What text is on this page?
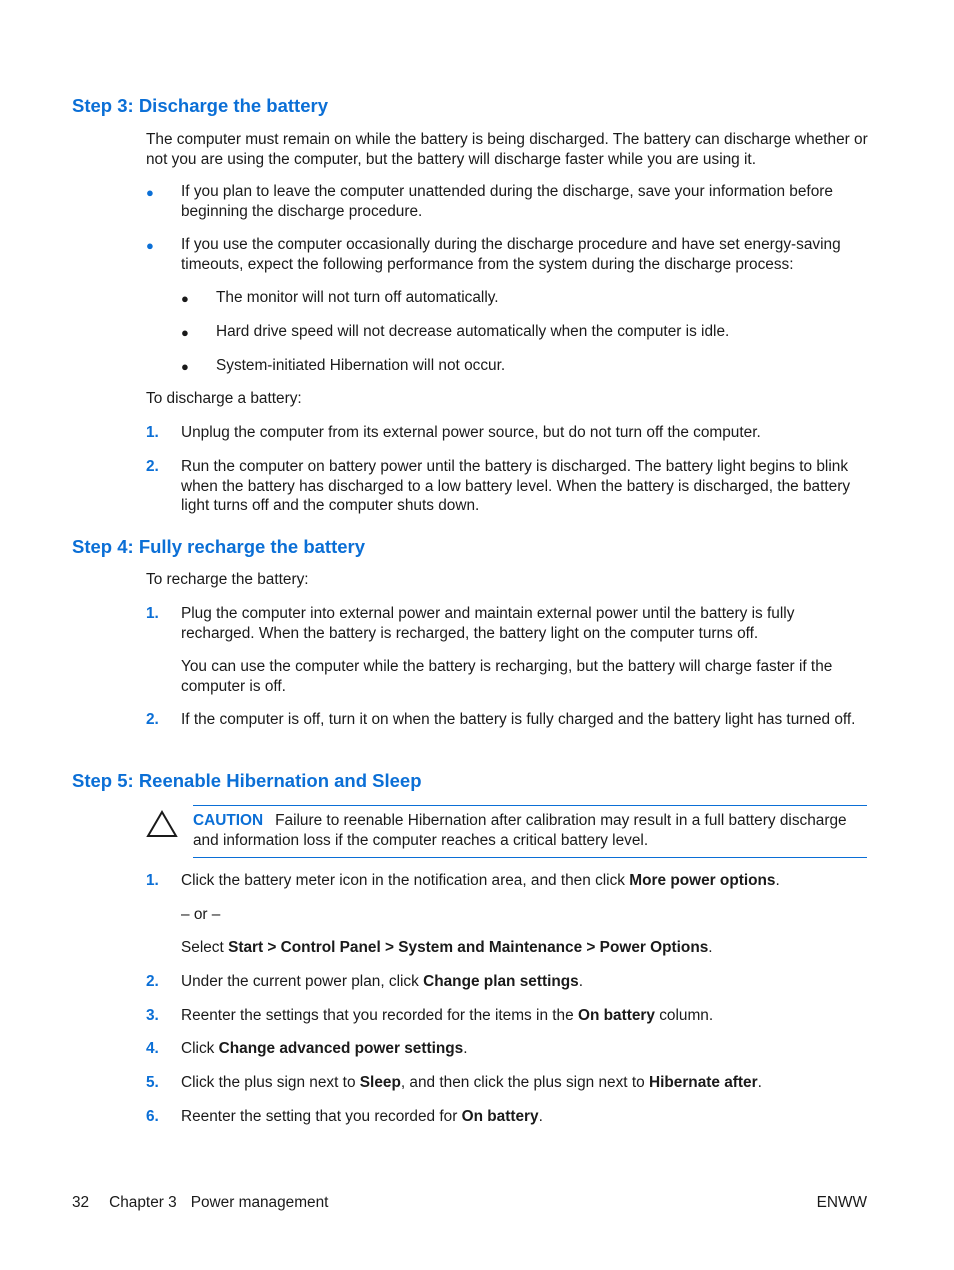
Step 3: Discharge the battery
The computer must remain on while the battery is being discharged. The battery can discharge whether or not you are using the computer, but the battery will discharge faster while you are using it.
● If you plan to leave the computer unattended during the discharge, save your information before beginning the discharge procedure.
● If you use the computer occasionally during the discharge procedure and have set energy-saving timeouts, expect the following performance from the system during the discharge process:
● The monitor will not turn off automatically.
● Hard drive speed will not decrease automatically when the computer is idle.
● System-initiated Hibernation will not occur.
To discharge a battery:
1. Unplug the computer from its external power source, but do not turn off the computer.
2. Run the computer on battery power until the battery is discharged. The battery light begins to blink when the battery has discharged to a low battery level. When the battery is discharged, the battery light turns off and the computer shuts down.
Step 4: Fully recharge the battery
To recharge the battery:
1. Plug the computer into external power and maintain external power until the battery is fully recharged. When the battery is recharged, the battery light on the computer turns off.
You can use the computer while the battery is recharging, but the battery will charge faster if the computer is off.
2. If the computer is off, turn it on when the battery is fully charged and the battery light has turned off.
Step 5: Reenable Hibernation and Sleep
CAUTION Failure to reenable Hibernation after calibration may result in a full battery discharge and information loss if the computer reaches a critical battery level.
1. Click the battery meter icon in the notification area, and then click More power options.
– or –
Select Start > Control Panel > System and Maintenance > Power Options.
2. Under the current power plan, click Change plan settings.
3. Reenter the settings that you recorded for the items in the On battery column.
4. Click Change advanced power settings.
5. Click the plus sign next to Sleep, and then click the plus sign next to Hibernate after.
6. Reenter the setting that you recorded for On battery.
32 Chapter 3 Power management	ENWW
